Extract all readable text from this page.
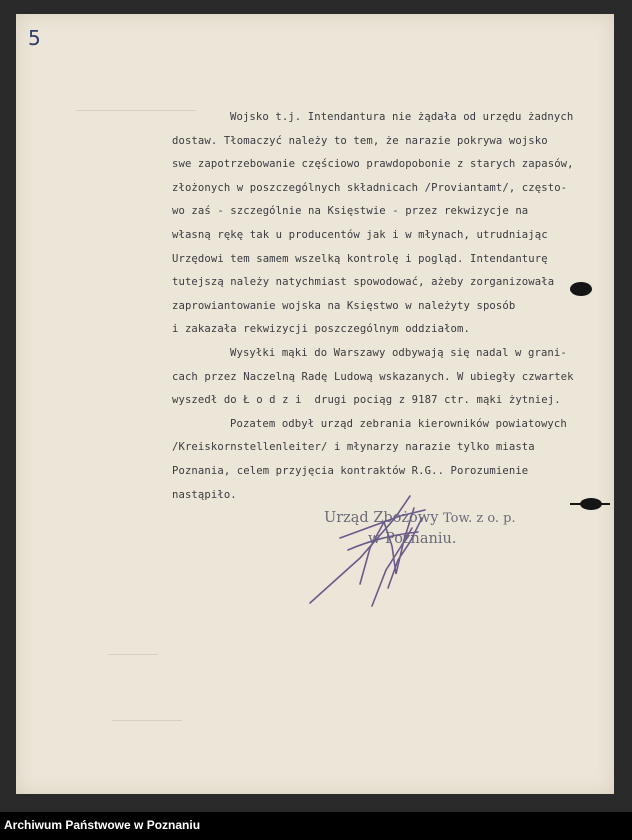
5
Wojsko t.j. Intendantura nie żądała od urzędu żadnych
dostaw. Tłomaczyć należy to tem, że narazie pokrywa wojsko
swe zapotrzebowanie częściowo prawdopobonie z starych zapasów,
złożonych w poszczególnych składnicach /Proviantamt/, często-
wo zaś - szczególnie na Księstwie - przez rekwizycje na
własną rękę tak u producentów jak i w młynach, utrudniając
Urzędowi tem samem wszelką kontrolę i pogląd. Intendanturę
tutejszą należy natychmiast spowodować, ażeby zorganizowała
zaprowiantowanie wojska na Księstwo w należyty sposób
i zakazała rekwizycji poszczególnym oddziałom.
Wysyłki mąki do Warszawy odbywają się nadal w grani-
cach przez Naczelną Radę Ludową wskazanych. W ubiegły czwartek
wyszedł do Ł o d z i  drugi pociąg z 9187 ctr. mąki żytniej.
Pozatem odbył urząd zebrania kierowników powiatowych
/Kreiskornstellenleiter/ i młynarzy narazie tylko miasta
Poznania, celem przyjęcia kontraktów R.G.. Porozumienie
nastąpiło.
Urząd Zbożowy Tow. z o. p.
w Poznaniu.
Archiwum Państwowe w Poznaniu
